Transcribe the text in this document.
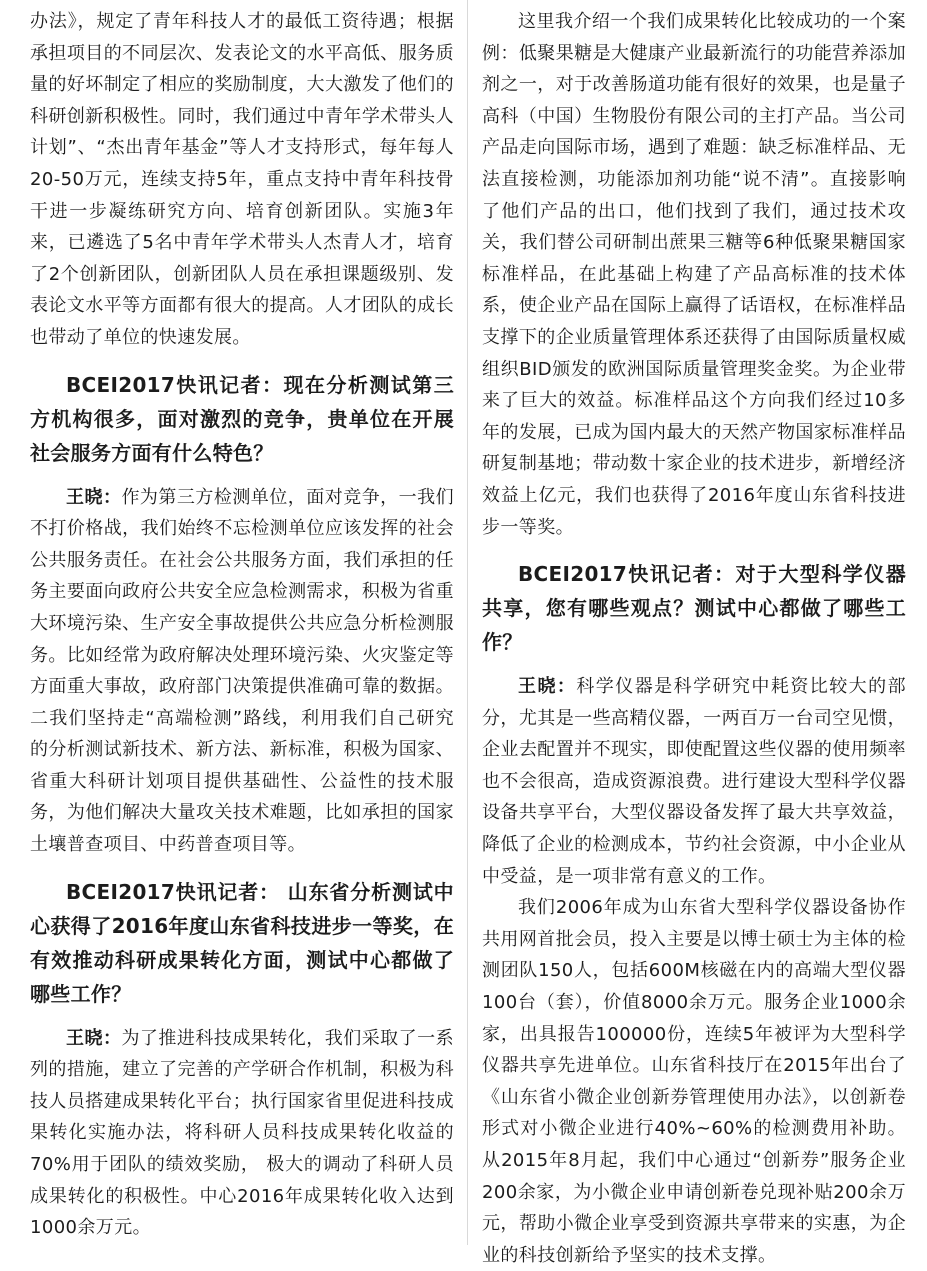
办法》，规定了青年科技人才的最低工资待遇；根据承担项目的不同层次、发表论文的水平高低、服务质量的好坏制定了相应的奖励制度，大大激发了他们的科研创新积极性。同时，我们通过中青年学术带头人计划”、“杰出青年基金”等人才支持形式，每年每人20-50万元，连续支持5年，重点支持中青年科技骨干进一步凝练研究方向、培育创新团队。实施3年来，已遴选了5名中青年学术带头人杰青人才，培育了2个创新团队，创新团队人员在承担课题级别、发表论文水平等方面都有很大的提高。人才团队的成长也带动了单位的快速发展。

BCEI2017快讯记者：现在分析测试第三方机构很多，面对激烈的竞争，贵单位在开展社会服务方面有什么特色？

王晓：作为第三方检测单位，面对竞争，一我们不打价格战，我们始终不忘检测单位应该发挥的社会公共服务责任。在社会公共服务方面，我们承担的任务主要面向政府公共安全应急检测需求，积极为省重大环境污染、生产安全事故提供公共应急分析检测服务。比如经常为政府解决处理环境污染、火灾鉴定等方面重大事故，政府部门决策提供准确可靠的数据。二我们坚持走“高端检测”路线，利用我们自己研究的分析测试新技术、新方法、新标准，积极为国家、省重大科研计划项目提供基础性、公益性的技术服务，为他们解决大量攻关技术难题，比如承担的国家土壤普查项目、中药普查项目等。

BCEI2017快讯记者： 山东省分析测试中心获得了2016年度山东省科技进步一等奖，在有效推动科研成果转化方面，测试中心都做了哪些工作？

王晓：为了推进科技成果转化，我们采取了一系列的措施，建立了完善的产学研合作机制，积极为科技人员搭建成果转化平台；执行国家省里促进科技成果转化实施办法，将科研人员科技成果转化收益的70%用于团队的绩效奖励， 极大的调动了科研人员成果转化的积极性。中心2016年成果转化收入达到1000余万元。

这里我介绍一个我们成果转化比较成功的一个案例：低聚果糖是大健康产业最新流行的功能营养添加剂之一，对于改善肠道功能有很好的效果，也是量子高科（中国）生物股份有限公司的主打产品。当公司产品走向国际市场，遇到了难题：缺乏标准样品、无法直接检测，功能添加剂功能“说不清”。直接影响了他们产品的出口，他们找到了我们，通过技术攻关，我们替公司研制出蔗果三糖等6种低聚果糖国家标准样品，在此基础上构建了产品高标准的技术体系，使企业产品在国际上赢得了话语权，在标准样品支撑下的企业质量管理体系还获得了由国际质量权威组织BID颁发的欧洲国际质量管理奖金奖。为企业带来了巨大的效益。标准样品这个方向我们经过10多年的发展，已成为国内最大的天然产物国家标准样品研复制基地；带动数十家企业的技术进步，新增经济效益上亿元，我们也获得了2016年度山东省科技进步一等奖。

BCEI2017快讯记者：对于大型科学仪器共享，您有哪些观点？测试中心都做了哪些工作？

王晓：科学仪器是科学研究中耗资比较大的部分，尤其是一些高精仪器，一两百万一台司空见惯，企业去配置并不现实，即使配置这些仪器的使用频率也不会很高，造成资源浪费。进行建设大型科学仪器设备共享平台，大型仪器设备发挥了最大共享效益，降低了企业的检测成本，节约社会资源，中小企业从中受益，是一项非常有意义的工作。

我们2006年成为山东省大型科学仪器设备协作共用网首批会员，投入主要是以博士硕士为主体的检测团队150人，包括600M核磁在内的高端大型仪器100台（套），价值8000余万元。服务企业1000余家，出具报告100000份，连续5年被评为大型科学仪器共享先进单位。山东省科技厅在2015年出台了《山东省小微企业创新券管理使用办法》，以创新卷形式对小微企业进行40%~60%的检测费用补助。从2015年8月起，我们中心通过“创新券”服务企业200余家，为小微企业申请创新卷兑现补贴200余万元，帮助小微企业享受到资源共享带来的实惠，为企业的科技创新给予坚实的技术支撑。
